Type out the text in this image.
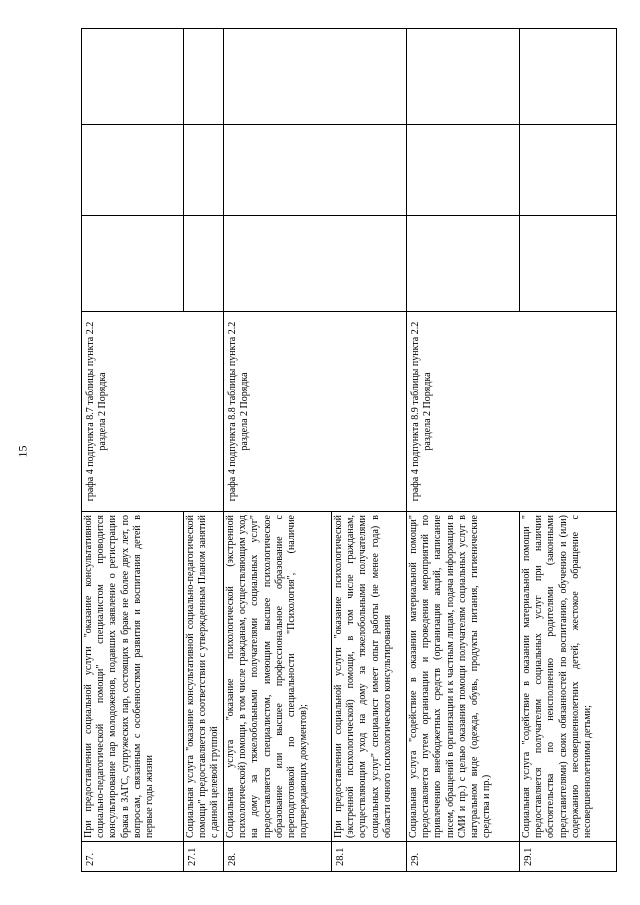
15
27.	При предоставлении социальной услуги "оказание консультативной социально-педагогической помощи" специалистом проводится консультирование пар молодоженов, подавших заявление о регистрации брака в ЗАГС, супружеских пар, состоящих в браке не более двух лет, по вопросам, связанным с особенностями развития и воспитания детей в первые годы жизни	графа 4 подпункта 8.7 таблицы пункта 2.2 раздела 2 Порядка			
27.1	Социальная услуга "оказание консультативной социально-педагогической помощи" предоставляется в соответствии с утвержденным Планом занятий с данной целевой группой				
28.	Социальная услуга "оказание психологической (экстренной психологической) помощи, в том числе гражданам, осуществляющим уход на дому за тяжелобольными получателями социальных услуг" предоставляется специалистом, имеющим высшее психологическое образование или высшее профессиональное образование с переподготовкой по специальности "Психология", (наличие подтверждающих документов);	графа 4 подпункта 8.8 таблицы пункта 2.2 раздела 2 Порядка			
28.1	При предоставлении социальной услуги "оказание психологической (экстренной психологической) помощи, в том числе гражданам, осуществляющим уход на дому за тяжелобольными получателями социальных услуг" специалист имеет опыт работы (не менее года) в области очного психологического консультирования				
29.	Социальная услуга "содействие в оказании материальной помощи" предоставляется путем организации и проведения мероприятий по привлечению внебюджетных средств (организация акций, написание писем, обращений в организации и к частным лицам, подача информации в СМИ и пр.) с целью оказания помощи получателям социальных услуг в натуральном виде (одежда, обувь, продукты питания, гигиенические средства и пр.)	графа 4 подпункта 8.9 таблицы пункта 2.2 раздела 2 Порядка			
29.1	Социальная услуга "содействие в оказании материальной помощи " предоставляется получателям социальных услуг при наличии обстоятельства по неисполнению родителями (законными представителями) своих обязанностей по воспитанию, обучению и (или) содержанию несовершеннолетних детей, жестокое обращение с несовершеннолетними детьми;				
